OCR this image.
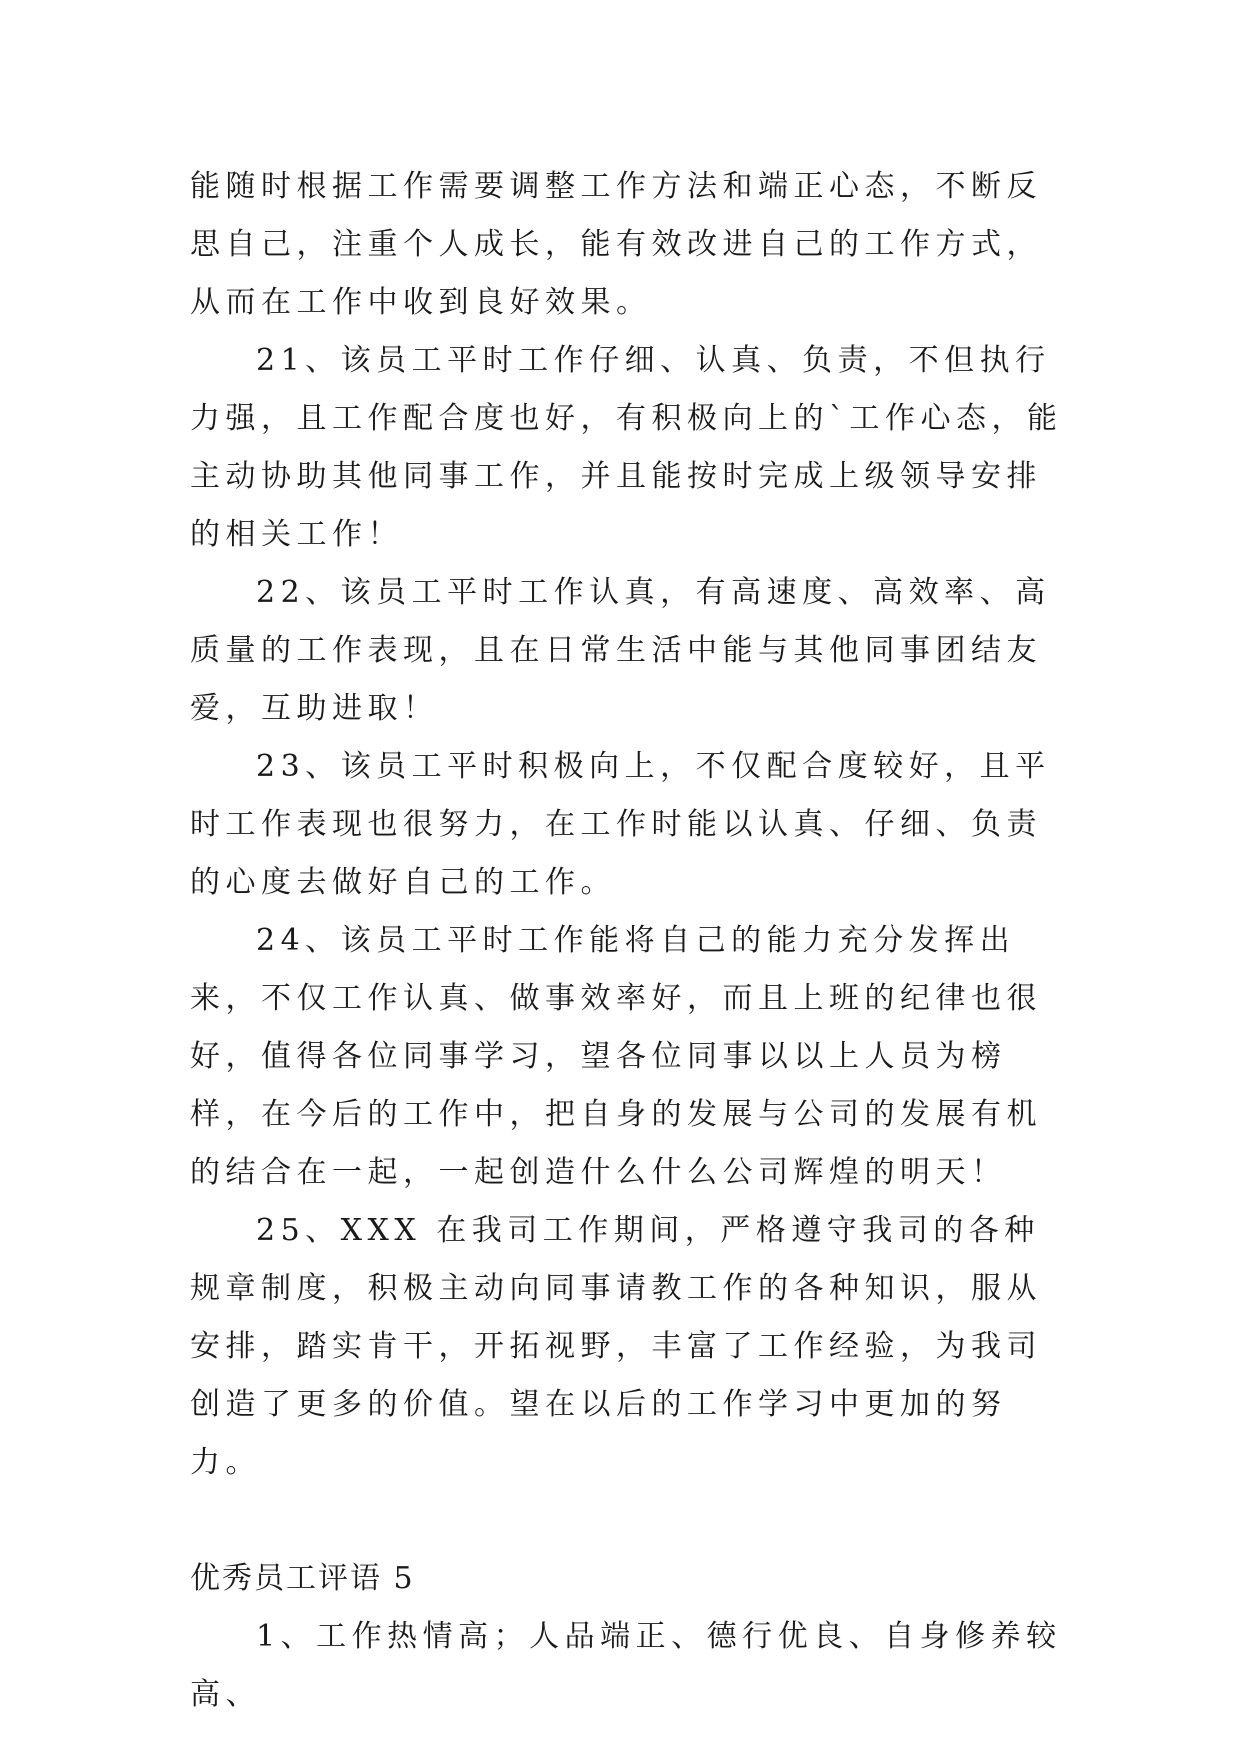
能随时根据工作需要调整工作方法和端正心态，不断反思自己，注重个人成长，能有效改进自己的工作方式，从而在工作中收到良好效果。

21、该员工平时工作仔细、认真、负责，不但执行力强，且工作配合度也好，有积极向上的`工作心态，能主动协助其他同事工作，并且能按时完成上级领导安排的相关工作！

22、该员工平时工作认真，有高速度、高效率、高质量的工作表现，且在日常生活中能与其他同事团结友爱，互助进取！

23、该员工平时积极向上，不仅配合度较好，且平时工作表现也很努力，在工作时能以认真、仔细、负责的心度去做好自己的工作。

24、该员工平时工作能将自己的能力充分发挥出来，不仅工作认真、做事效率好，而且上班的纪律也很好，值得各位同事学习，望各位同事以以上人员为榜样，在今后的工作中，把自身的发展与公司的发展有机的结合在一起，一起创造什么什么公司辉煌的明天！

25、XXX 在我司工作期间，严格遵守我司的各种规章制度，积极主动向同事请教工作的各种知识，服从安排，踏实肯干，开拓视野，丰富了工作经验，为我司创造了更多的价值。望在以后的工作学习中更加的努力。

优秀员工评语 5

1、工作热情高；人品端正、德行优良、自身修养较高、
